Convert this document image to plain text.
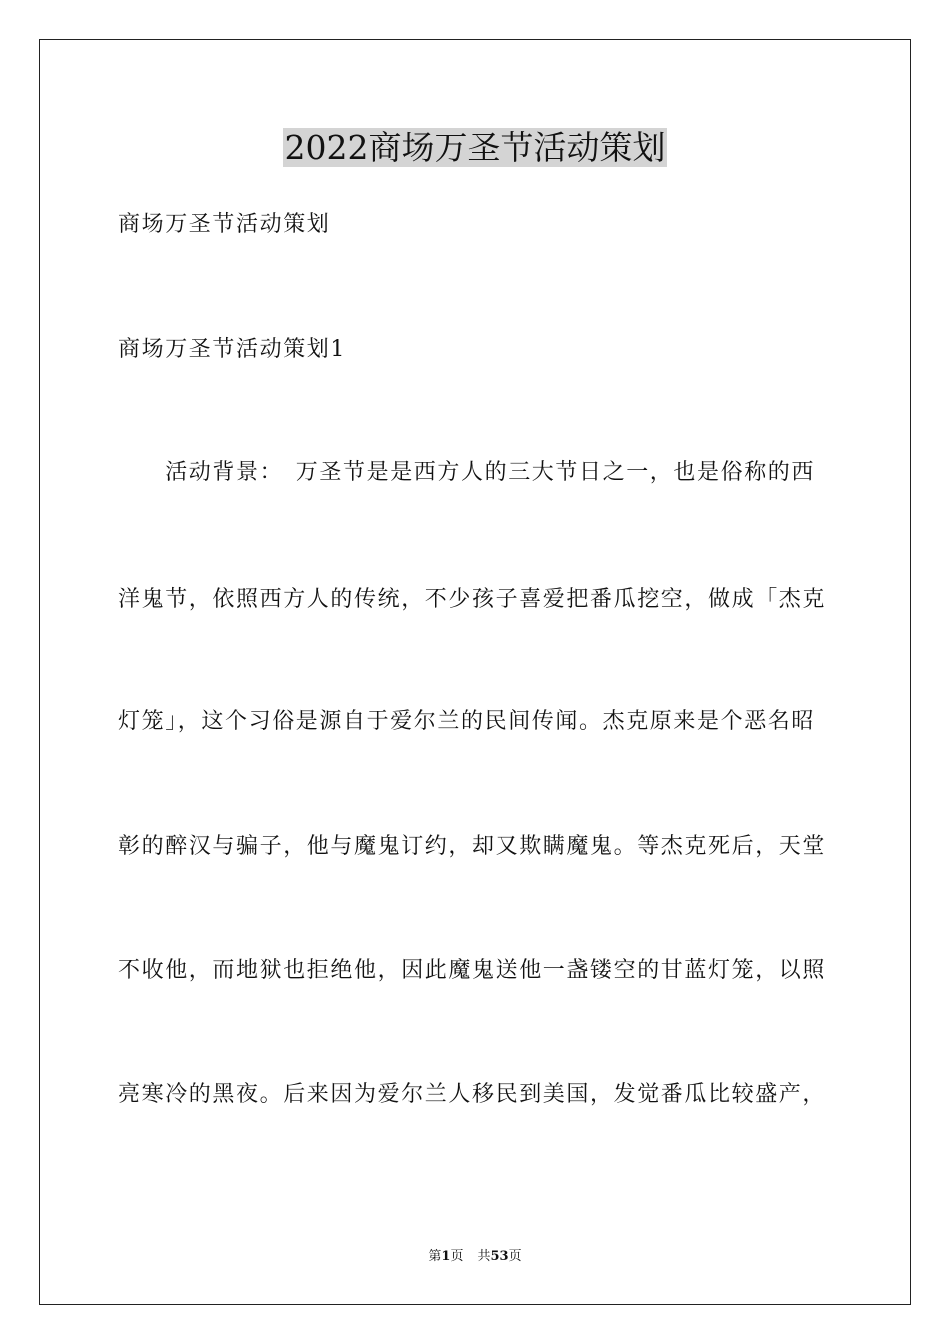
2022商场万圣节活动策划

商场万圣节活动策划

商场万圣节活动策划1

　　活动背景：　万圣节是是西方人的三大节日之一，也是俗称的西

洋鬼节，依照西方人的传统，不少孩子喜爱把番瓜挖空，做成「杰克

灯笼」，这个习俗是源自于爱尔兰的民间传闻。杰克原来是个恶名昭

彰的醉汉与骗子，他与魔鬼订约，却又欺瞒魔鬼。等杰克死后，天堂

不收他，而地狱也拒绝他，因此魔鬼送他一盏镂空的甘蓝灯笼，以照

亮寒冷的黑夜。后来因为爱尔兰人移民到美国，发觉番瓜比较盛产，

第1页 共53页
